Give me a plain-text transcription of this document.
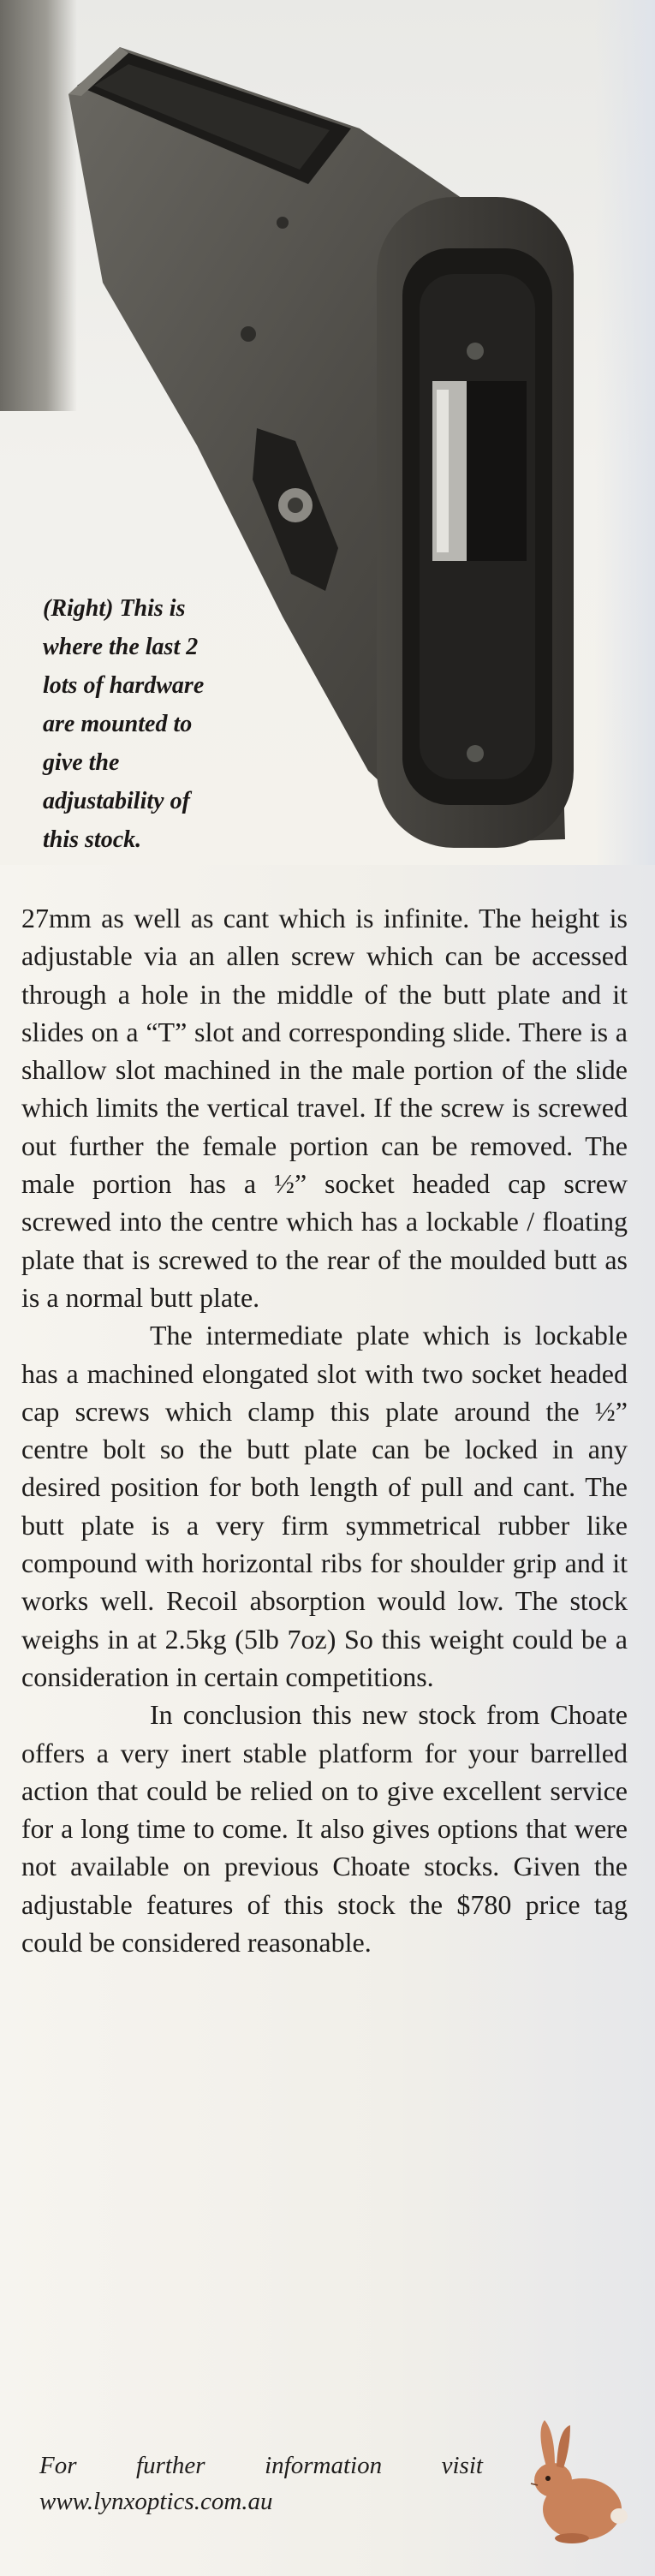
(Right) This is
where the last 2
lots of hardware
are mounted to
give the
adjustability of
this stock.

27mm as well as cant which is infinite. The height is adjustable via an allen screw which can be accessed through a hole in the middle of the butt plate and it slides on a “T” slot and corresponding slide. There is a shallow slot machined in the male portion of the slide which limits the vertical travel. If the screw is screwed out further the female portion can be removed. The male portion has a ½” socket headed cap screw screwed into the centre which has a lockable / floating plate that is screwed to the rear of the moulded butt as is a normal butt plate.

The intermediate plate which is lockable has a machined elongated slot with two socket headed cap screws which clamp this plate around the ½” centre bolt so the butt plate can be locked in any desired position for both length of pull and cant. The butt plate is a very firm symmetrical rubber like compound with horizontal ribs for shoulder grip and it works well. Recoil absorption would low. The stock weighs in at 2.5kg (5lb 7oz) So this weight could be a consideration in certain competitions.

In conclusion this new stock from Choate offers a very inert stable platform for your barrelled action that could be relied on to give excellent service for a long time to come. It also gives options that were not available on previous Choate stocks. Given the adjustable features of this stock the $780 price tag could be considered reasonable.

For further information visit
www.lynxoptics.com.au
